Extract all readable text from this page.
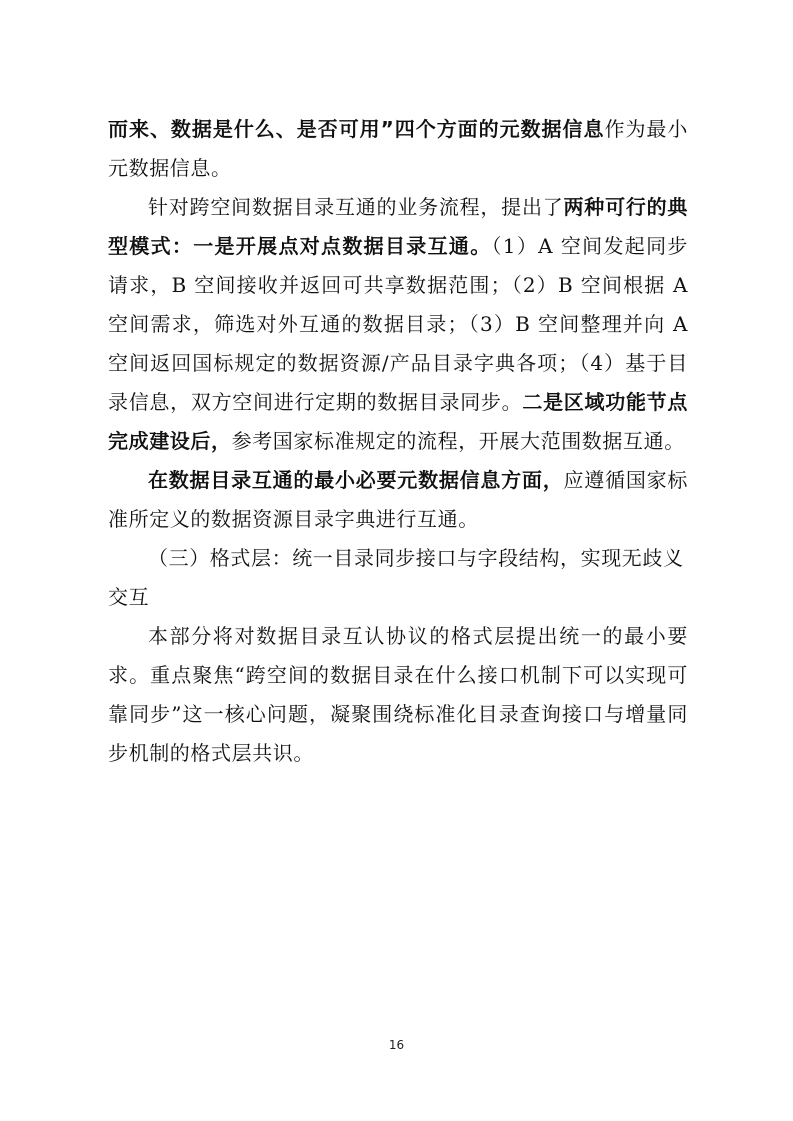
而来、数据是什么、是否可用”四个方面的元数据信息作为最小元数据信息。

针对跨空间数据目录互通的业务流程，提出了两种可行的典型模式：一是开展点对点数据目录互通。（1）A 空间发起同步请求，B 空间接收并返回可共享数据范围；（2）B 空间根据 A 空间需求，筛选对外互通的数据目录；（3）B 空间整理并向 A 空间返回国标规定的数据资源/产品目录字典各项；（4）基于目录信息，双方空间进行定期的数据目录同步。二是区域功能节点完成建设后，参考国家标准规定的流程，开展大范围数据互通。

在数据目录互通的最小必要元数据信息方面，应遵循国家标准所定义的数据资源目录字典进行互通。

（三）格式层：统一目录同步接口与字段结构，实现无歧义交互

本部分将对数据目录互认协议的格式层提出统一的最小要求。重点聚焦“跨空间的数据目录在什么接口机制下可以实现可靠同步”这一核心问题，凝聚围绕标准化目录查询接口与增量同步机制的格式层共识。

16
